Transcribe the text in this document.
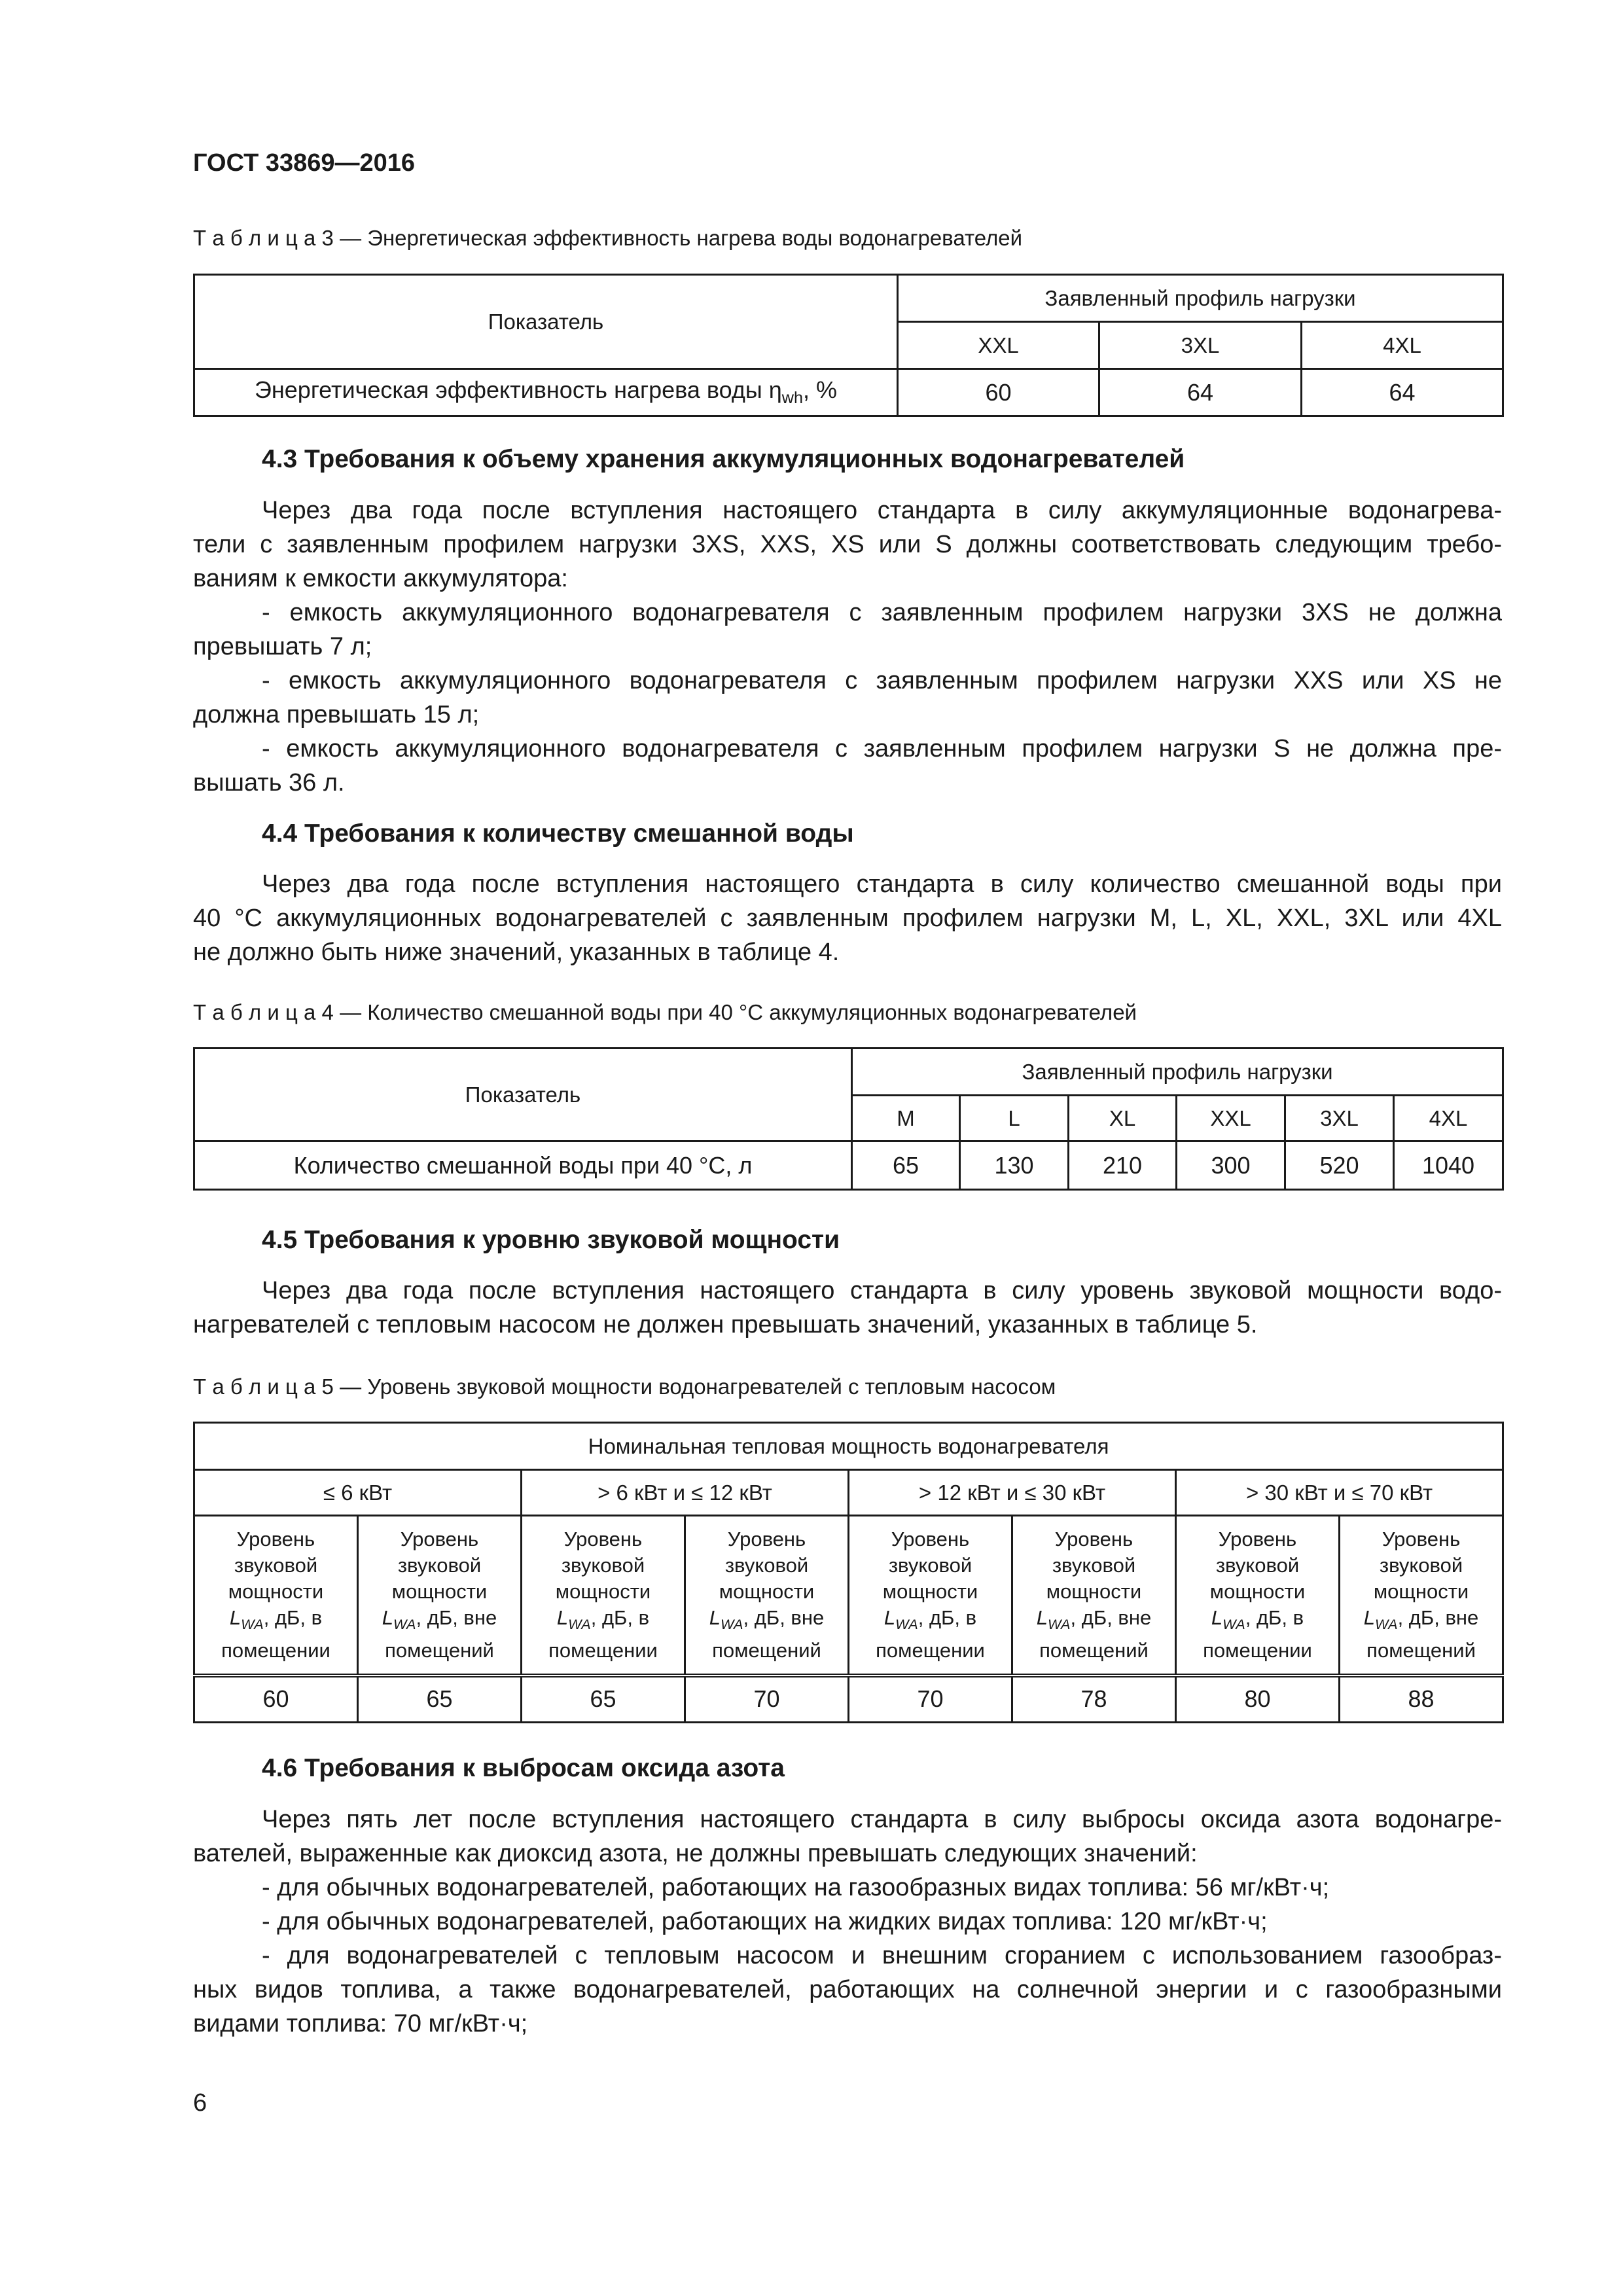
ГОСТ 33869—2016
Т а б л и ц а 3 — Энергетическая эффективность нагрева воды водонагревателей
Показатель	Заявленный профиль нагрузки		
	XXL	3XL	4XL
Энергетическая эффективность нагрева воды $\eta_{wh}$, %	60	64	64
4.3 Требования к объему хранения аккумуляционных водонагревателей
Через два года после вступления настоящего стандарта в силу аккумуляционные водонагрева-
тели с заявленным профилем нагрузки 3XS, XXS, XS или S должны соответствовать следующим требо-
ваниям к емкости аккумулятора:
- емкость аккумуляционного водонагревателя с заявленным профилем нагрузки 3XS не должна
превышать 7 л;
- емкость аккумуляционного водонагревателя с заявленным профилем нагрузки XXS или XS не
должна превышать 15 л;
- емкость аккумуляционного водонагревателя с заявленным профилем нагрузки S не должна пре-
вышать 36 л.
4.4 Требования к количеству смешанной воды
Через два года после вступления настоящего стандарта в силу количество смешанной воды при
40 °С аккумуляционных водонагревателей с заявленным профилем нагрузки M, L, XL, XXL, 3XL или 4XL
не должно быть ниже значений, указанных в таблице 4.
Т а б л и ц а 4 — Количество смешанной воды при 40 °С аккумуляционных водонагревателей
Показатель	Заявленный профиль нагрузки					
	M	L	XL	XXL	3XL	4XL
Количество смешанной воды при 40 °С, л	65	130	210	300	520	1040
4.5 Требования к уровню звуковой мощности
Через два года после вступления настоящего стандарта в силу уровень звуковой мощности водо-
нагревателей с тепловым насосом не должен превышать значений, указанных в таблице 5.
Т а б л и ц а 5 — Уровень звуковой мощности водонагревателей с тепловым насосом
Номинальная тепловая мощность водонагревателя							
≤ 6 кВт		> 6 кВт и ≤ 12 кВт		> 12 кВт и ≤ 30 кВт		> 30 кВт и ≤ 70 кВт	
Уровень
звуковой
мощности
$L_{WA}$, дБ, в
помещении	Уровень
звуковой
мощности
$L_{WA}$, дБ, вне
помещений	Уровень
звуковой
мощности
$L_{WA}$, дБ, в
помещении	Уровень
звуковой
мощности
$L_{WA}$, дБ, вне
помещений	Уровень
звуковой
мощности
$L_{WA}$, дБ, в
помещении	Уровень
звуковой
мощности
$L_{WA}$, дБ, вне
помещений	Уровень
звуковой
мощности
$L_{WA}$, дБ, в
помещении	Уровень
звуковой
мощности
$L_{WA}$, дБ, вне
помещений
60	65	65	70	70	78	80	88
4.6 Требования к выбросам оксида азота
Через пять лет после вступления настоящего стандарта в силу выбросы оксида азота водонагре-
вателей, выраженные как диоксид азота, не должны превышать следующих значений:
- для обычных водонагревателей, работающих на газообразных видах топлива: 56 мг/кВт·ч;
- для обычных водонагревателей, работающих на жидких видах топлива: 120 мг/кВт·ч;
- для водонагревателей с тепловым насосом и внешним сгоранием с использованием газообраз-
ных видов топлива, а также водонагревателей, работающих на солнечной энергии и с газообразными
видами топлива: 70 мг/кВт·ч;
6
